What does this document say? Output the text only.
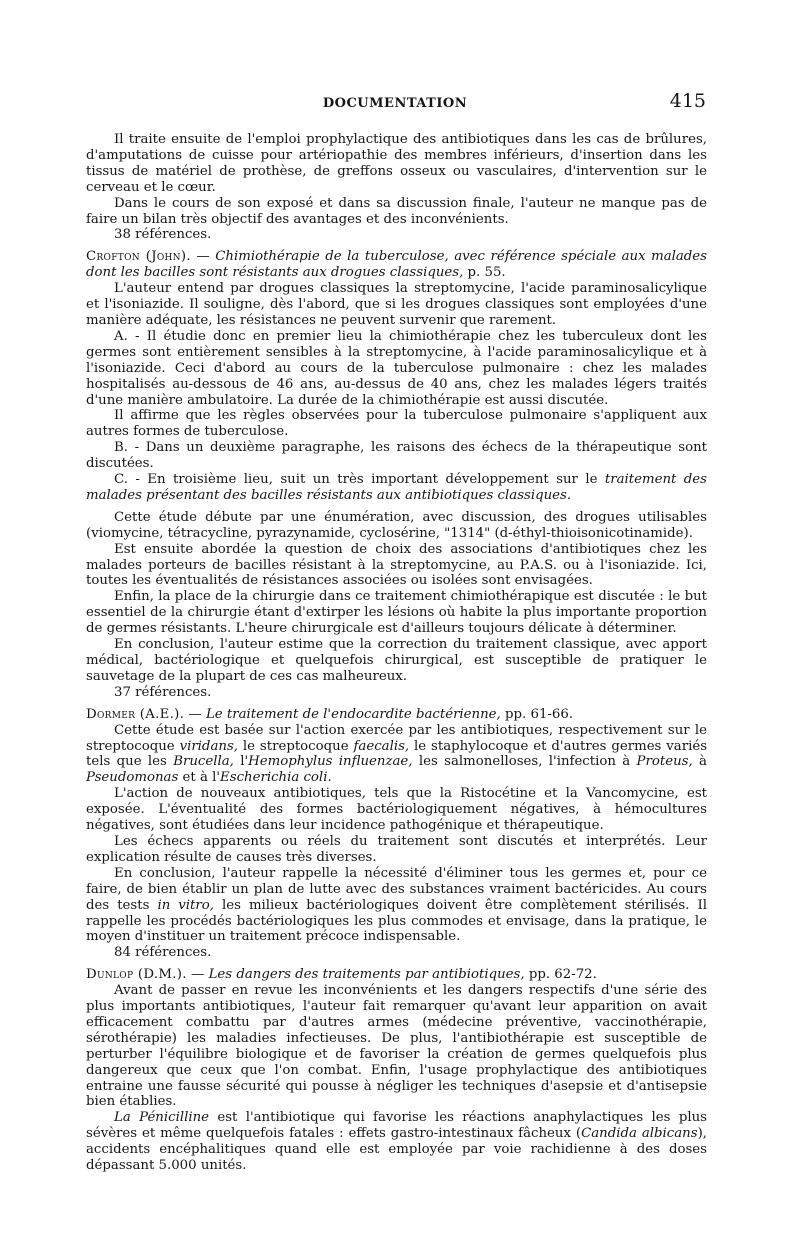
DOCUMENTATION	415

Il traite ensuite de l'emploi prophylactique des antibiotiques dans les cas de brûlures, d'amputations de cuisse pour artériopathie des membres inférieurs, d'insertion dans les tissus de matériel de prothèse, de greffons osseux ou vasculaires, d'intervention sur le cerveau et le cœur.

Dans le cours de son exposé et dans sa discussion finale, l'auteur ne manque pas de faire un bilan très objectif des avantages et des inconvénients.

38 références.

Crofton (John). — Chimiothérapie de la tuberculose, avec référence spéciale aux malades dont les bacilles sont résistants aux drogues classiques, p. 55.

L'auteur entend par drogues classiques la streptomycine, l'acide paraminosalicylique et l'isoniazide. Il souligne, dès l'abord, que si les drogues classiques sont employées d'une manière adéquate, les résistances ne peuvent survenir que rarement.

A. - Il étudie donc en premier lieu la chimiothérapie chez les tuberculeux dont les germes sont entièrement sensibles à la streptomycine, à l'acide paraminosalicylique et à l'isoniazide. Ceci d'abord au cours de la tuberculose pulmonaire : chez les malades hospitalisés au-dessous de 46 ans, au-dessus de 40 ans, chez les malades légers traités d'une manière ambulatoire. La durée de la chimiothérapie est aussi discutée.

Il affirme que les règles observées pour la tuberculose pulmonaire s'appliquent aux autres formes de tuberculose.

B. - Dans un deuxième paragraphe, les raisons des échecs de la thérapeutique sont discutées.

C. - En troisième lieu, suit un très important développement sur le traitement des malades présentant des bacilles résistants aux antibiotiques classiques.

Cette étude débute par une énumération, avec discussion, des drogues utilisables (viomycine, tétracycline, pyrazynamide, cyclosérine, "1314" (d-éthyl-thioisonicotinamide).

Est ensuite abordée la question de choix des associations d'antibiotiques chez les malades porteurs de bacilles résistant à la streptomycine, au P.A.S. ou à l'isoniazide. Ici, toutes les éventualités de résistances associées ou isolées sont envisagées.

Enfin, la place de la chirurgie dans ce traitement chimiothérapique est discutée : le but essentiel de la chirurgie étant d'extirper les lésions où habite la plus importante proportion de germes résistants. L'heure chirurgicale est d'ailleurs toujours délicate à déterminer.

En conclusion, l'auteur estime que la correction du traitement classique, avec apport médical, bactériologique et quelquefois chirurgical, est susceptible de pratiquer le sauvetage de la plupart de ces cas malheureux.

37 références.

Dormer (A.E.). — Le traitement de l'endocardite bactérienne, pp. 61-66.

Cette étude est basée sur l'action exercée par les antibiotiques, respectivement sur le streptocoque viridans, le streptocoque faecalis, le staphylocoque et d'autres germes variés tels que les Brucella, l'Hemophylus influenzae, les salmonelloses, l'infection à Proteus, à Pseudomonas et à l'Escherichia coli.

L'action de nouveaux antibiotiques, tels que la Ristocétine et la Vancomycine, est exposée. L'éventualité des formes bactériologiquement négatives, à hémocultures négatives, sont étudiées dans leur incidence pathogénique et thérapeutique.

Les échecs apparents ou réels du traitement sont discutés et interprétés. Leur explication résulte de causes très diverses.

En conclusion, l'auteur rappelle la nécessité d'éliminer tous les germes et, pour ce faire, de bien établir un plan de lutte avec des substances vraiment bactéricides. Au cours des tests in vitro, les milieux bactériologiques doivent être complètement stérilisés. Il rappelle les procédés bactériologiques les plus commodes et envisage, dans la pratique, le moyen d'instituer un traitement précoce indispensable.

84 références.

Dunlop (D.M.). — Les dangers des traitements par antibiotiques, pp. 62-72.

Avant de passer en revue les inconvénients et les dangers respectifs d'une série des plus importants antibiotiques, l'auteur fait remarquer qu'avant leur apparition on avait efficacement combattu par d'autres armes (médecine préventive, vaccinothérapie, sérothérapie) les maladies infectieuses. De plus, l'antibiothérapie est susceptible de perturber l'équilibre biologique et de favoriser la création de germes quelquefois plus dangereux que ceux que l'on combat. Enfin, l'usage prophylactique des antibiotiques entraine une fausse sécurité qui pousse à négliger les techniques d'asepsie et d'antisepsie bien établies.

La Pénicilline est l'antibiotique qui favorise les réactions anaphylactiques les plus sévères et même quelquefois fatales : effets gastro-intestinaux fâcheux (Candida albicans), accidents encéphalitiques quand elle est employée par voie rachidienne à des doses dépassant 5.000 unités.
